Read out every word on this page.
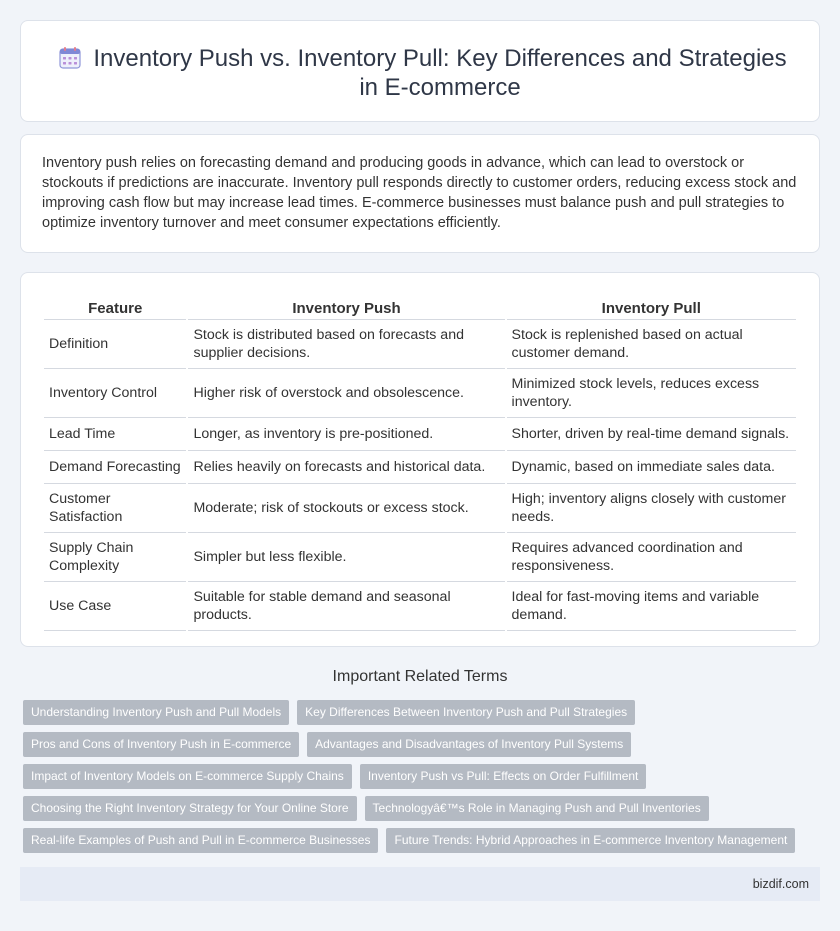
Inventory Push vs. Inventory Pull: Key Differences and Strategies in E-commerce

Inventory push relies on forecasting demand and producing goods in advance, which can lead to overstock or stockouts if predictions are inaccurate. Inventory pull responds directly to customer orders, reducing excess stock and improving cash flow but may increase lead times. E-commerce businesses must balance push and pull strategies to optimize inventory turnover and meet consumer expectations efficiently.

Feature	Inventory Push	Inventory Pull
Definition	Stock is distributed based on forecasts and supplier decisions.	Stock is replenished based on actual customer demand.
Inventory Control	Higher risk of overstock and obsolescence.	Minimized stock levels, reduces excess inventory.
Lead Time	Longer, as inventory is pre-positioned.	Shorter, driven by real-time demand signals.
Demand Forecasting	Relies heavily on forecasts and historical data.	Dynamic, based on immediate sales data.
Customer Satisfaction	Moderate; risk of stockouts or excess stock.	High; inventory aligns closely with customer needs.
Supply Chain Complexity	Simpler but less flexible.	Requires advanced coordination and responsiveness.
Use Case	Suitable for stable demand and seasonal products.	Ideal for fast-moving items and variable demand.
Important Related Terms
Understanding Inventory Push and Pull Models	Key Differences Between Inventory Push and Pull Strategies
Pros and Cons of Inventory Push in E-commerce	Advantages and Disadvantages of Inventory Pull Systems
Impact of Inventory Models on E-commerce Supply Chains	Inventory Push vs Pull: Effects on Order Fulfillment
Choosing the Right Inventory Strategy for Your Online Store	Technologyâ€™s Role in Managing Push and Pull Inventories
Real-life Examples of Push and Pull in E-commerce Businesses	Future Trends: Hybrid Approaches in E-commerce Inventory Management
bizdif.com
